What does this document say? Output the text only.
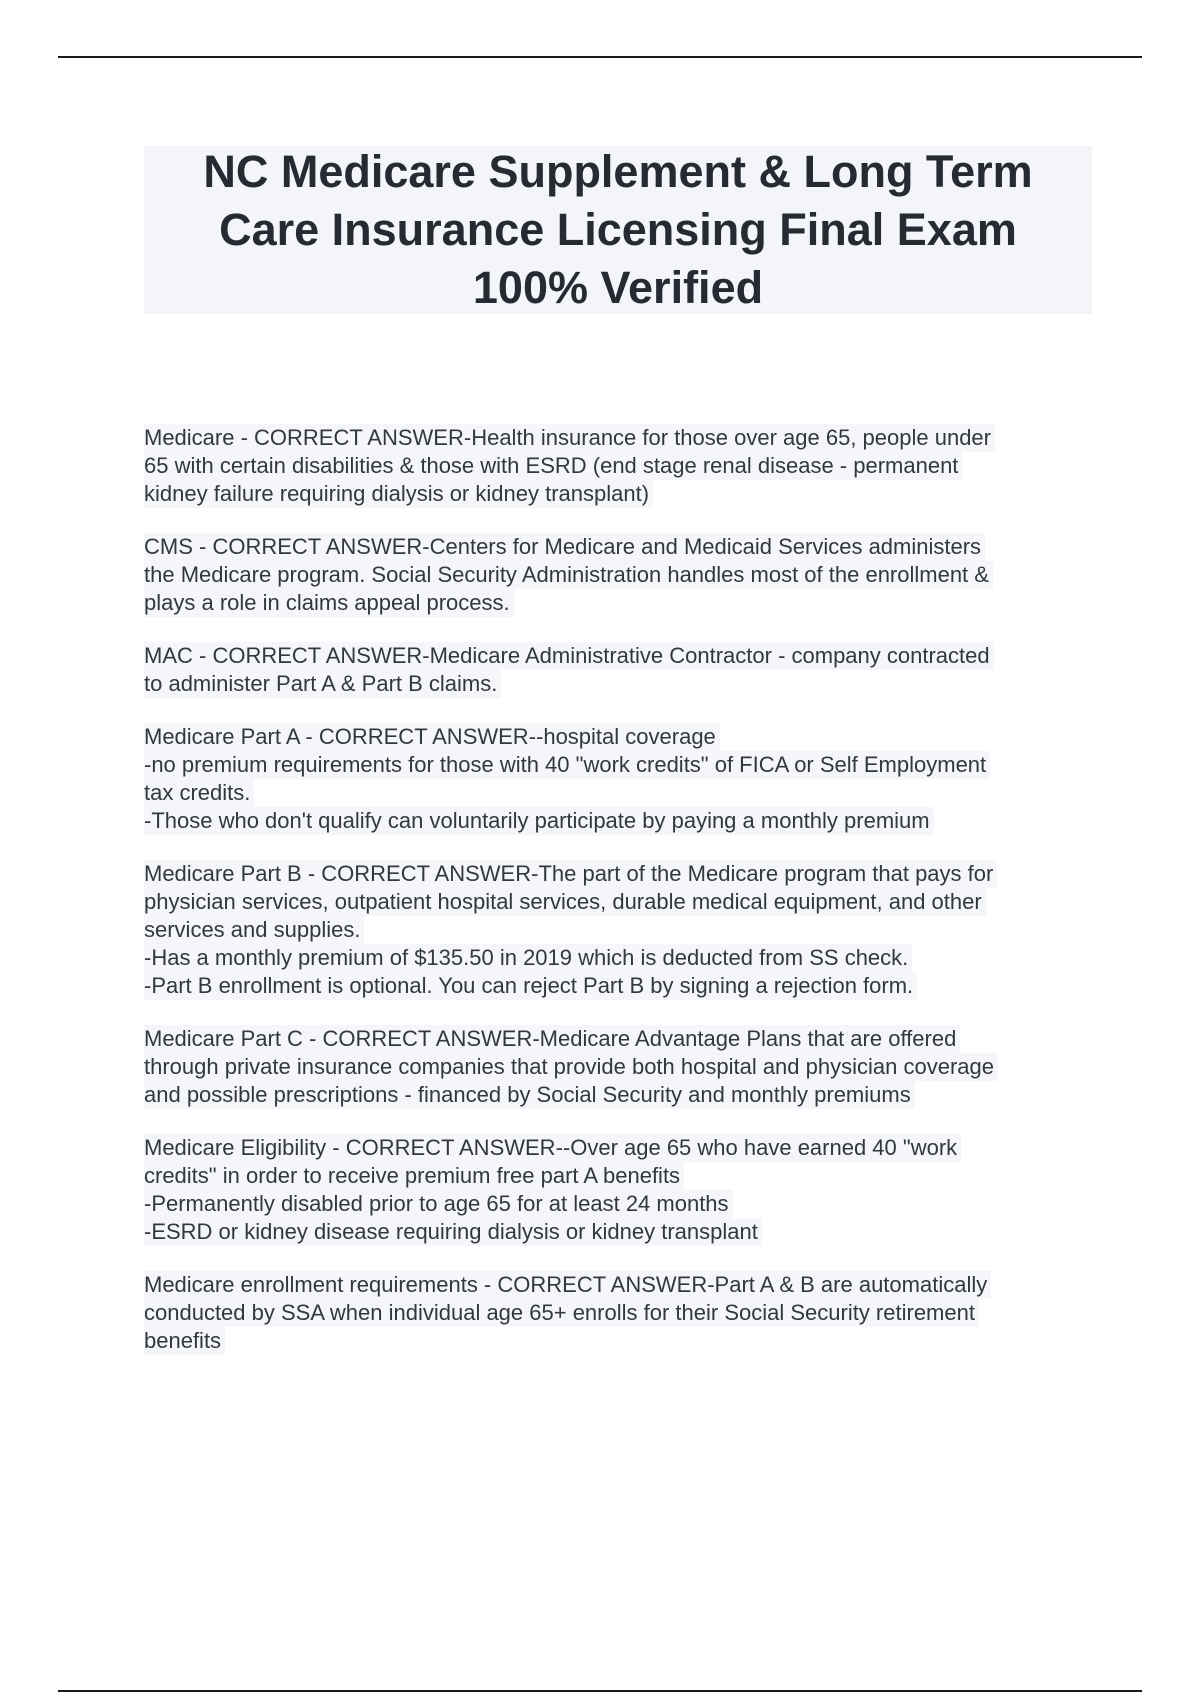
NC Medicare Supplement & Long Term
Care Insurance Licensing Final Exam
100% Verified
Medicare - CORRECT ANSWER-Health insurance for those over age 65, people under
65 with certain disabilities & those with ESRD (end stage renal disease - permanent
kidney failure requiring dialysis or kidney transplant)
CMS - CORRECT ANSWER-Centers for Medicare and Medicaid Services administers
the Medicare program. Social Security Administration handles most of the enrollment &
plays a role in claims appeal process.
MAC - CORRECT ANSWER-Medicare Administrative Contractor - company contracted
to administer Part A & Part B claims.
Medicare Part A - CORRECT ANSWER--hospital coverage
-no premium requirements for those with 40 "work credits" of FICA or Self Employment
tax credits.
-Those who don't qualify can voluntarily participate by paying a monthly premium
Medicare Part B - CORRECT ANSWER-The part of the Medicare program that pays for
physician services, outpatient hospital services, durable medical equipment, and other
services and supplies.
-Has a monthly premium of $135.50 in 2019 which is deducted from SS check.
-Part B enrollment is optional. You can reject Part B by signing a rejection form.
Medicare Part C - CORRECT ANSWER-Medicare Advantage Plans that are offered
through private insurance companies that provide both hospital and physician coverage
and possible prescriptions - financed by Social Security and monthly premiums
Medicare Eligibility - CORRECT ANSWER--Over age 65 who have earned 40 "work
credits" in order to receive premium free part A benefits
-Permanently disabled prior to age 65 for at least 24 months
-ESRD or kidney disease requiring dialysis or kidney transplant
Medicare enrollment requirements - CORRECT ANSWER-Part A & B are automatically
conducted by SSA when individual age 65+ enrolls for their Social Security retirement
benefits
